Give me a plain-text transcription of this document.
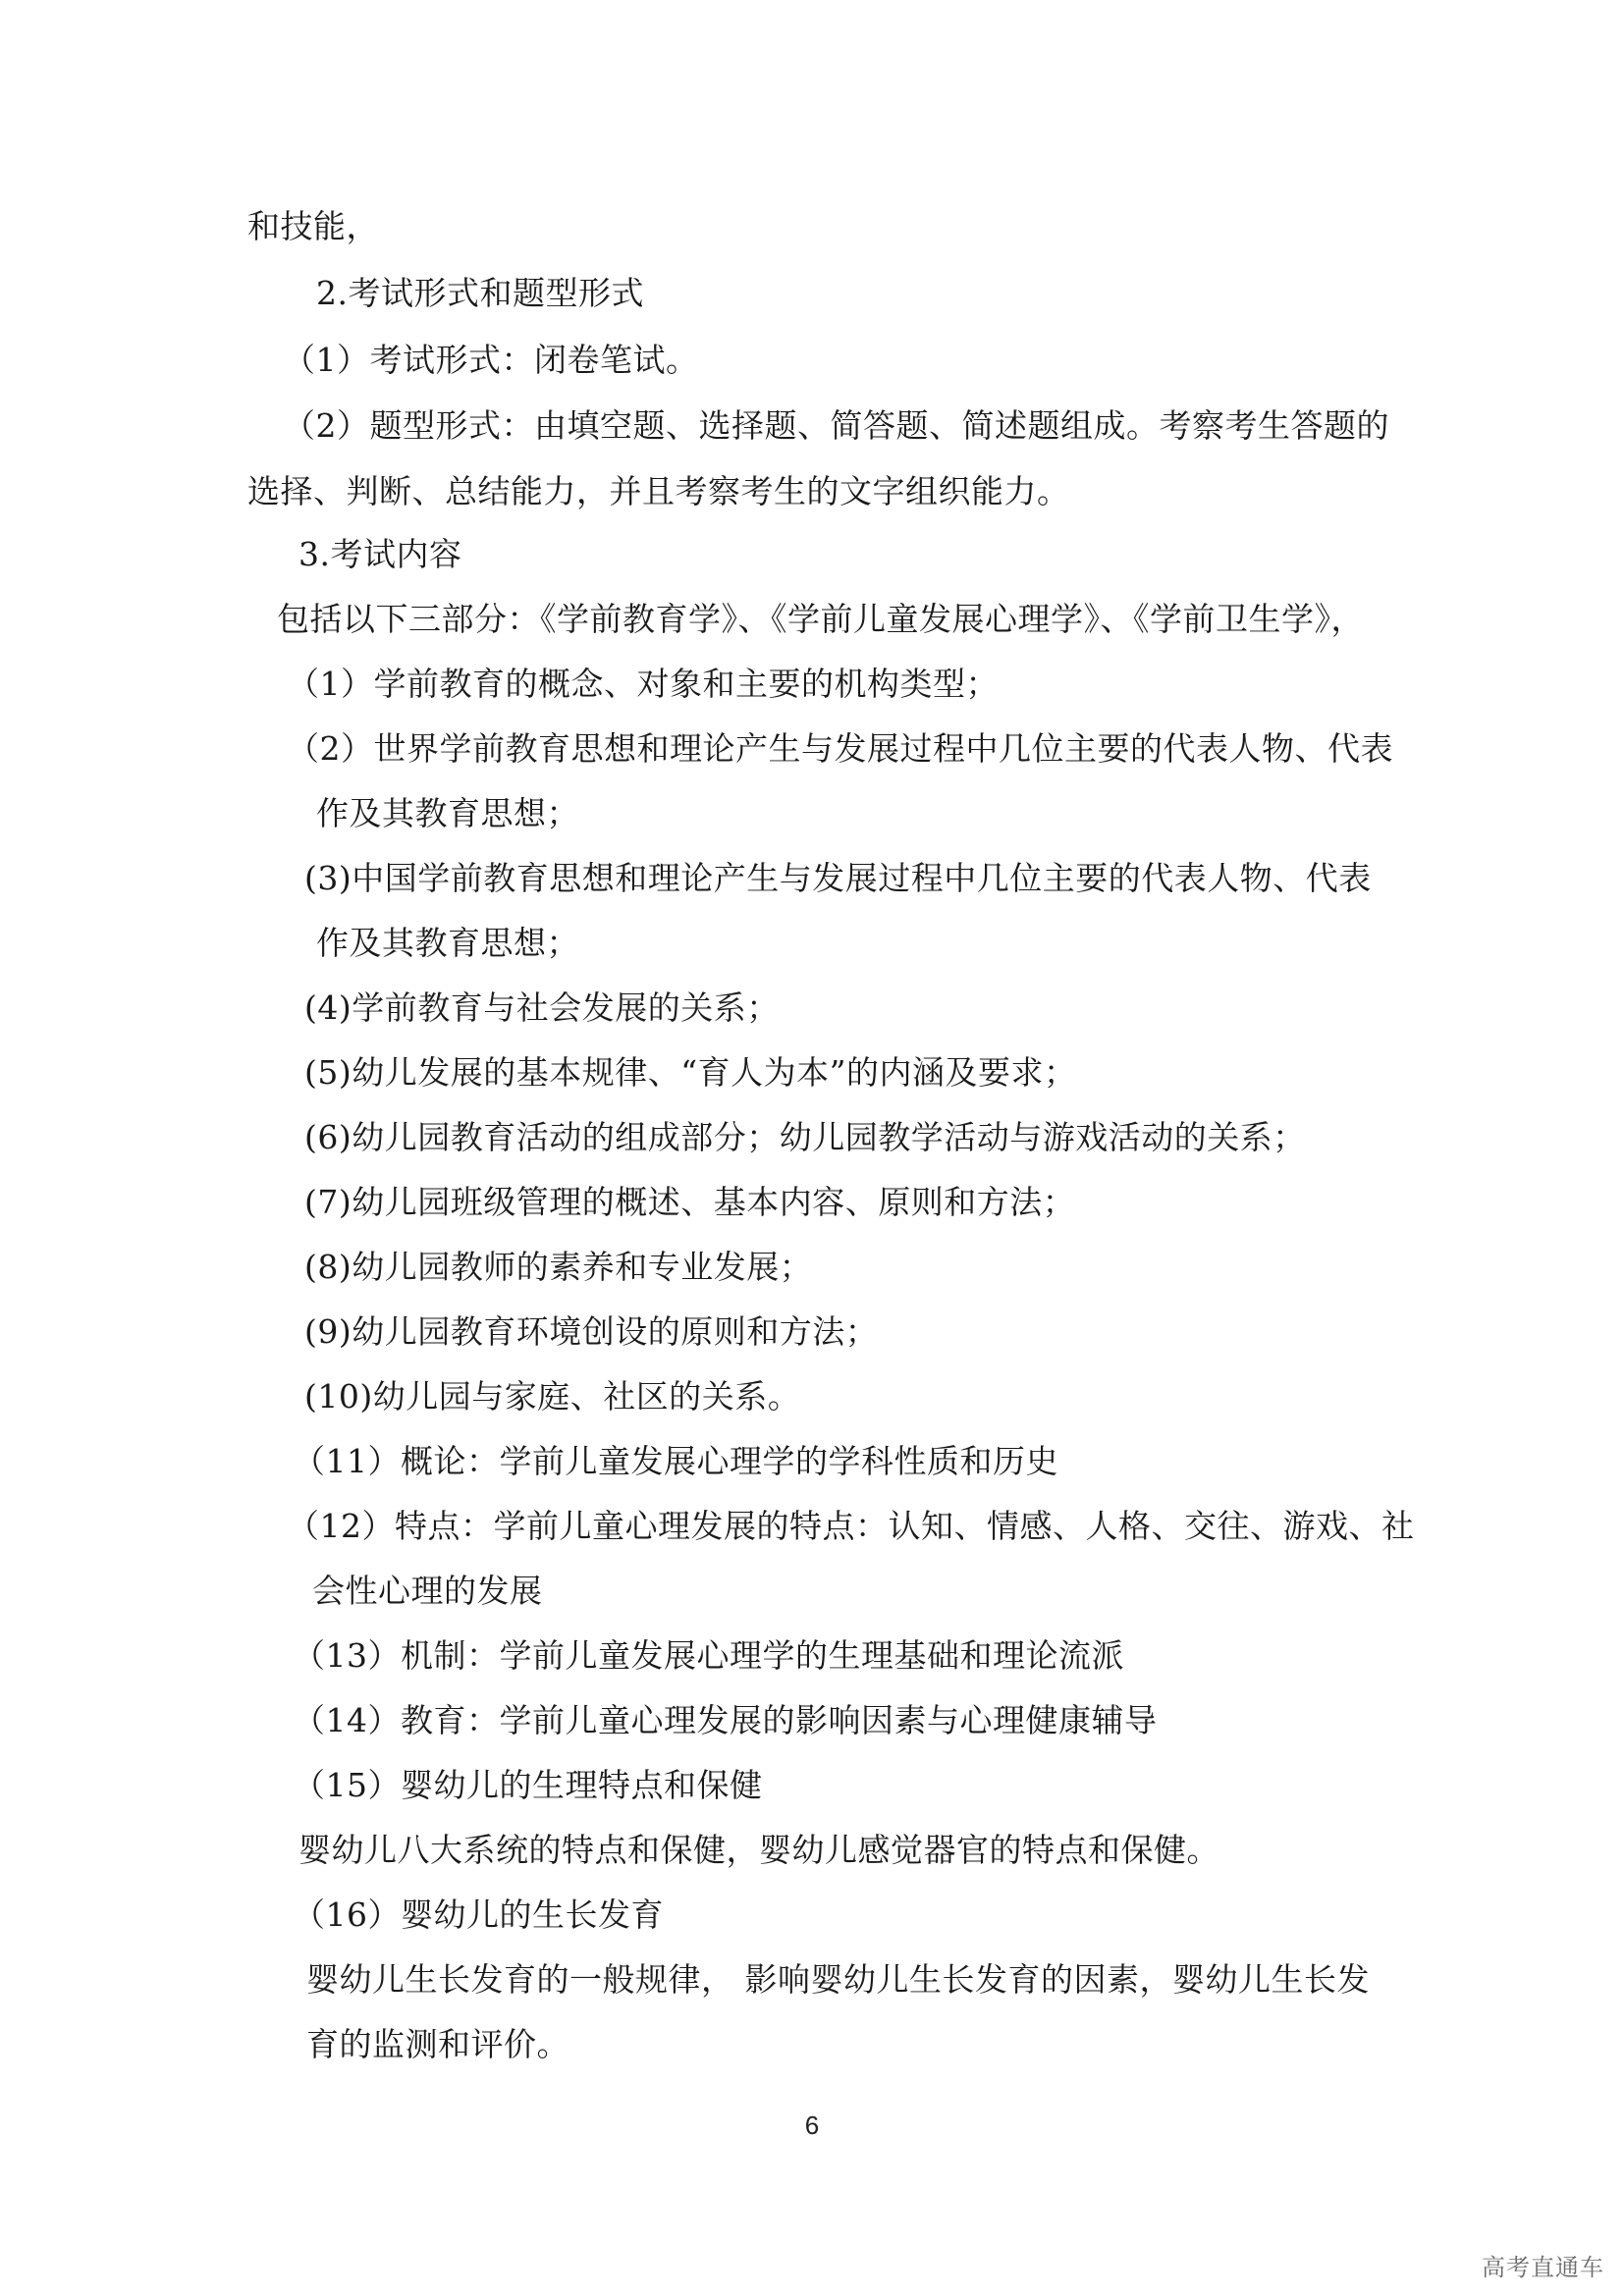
和技能，
2.考试形式和题型形式
（1）考试形式：闭卷笔试。
（2）题型形式：由填空题、选择题、简答题、简述题组成。考察考生答题的
选择、判断、总结能力，并且考察考生的文字组织能力。
3.考试内容
包括以下三部分：《学前教育学》、《学前儿童发展心理学》、《学前卫生学》，
（1）学前教育的概念、对象和主要的机构类型；
（2）世界学前教育思想和理论产生与发展过程中几位主要的代表人物、代表
作及其教育思想；
(3)中国学前教育思想和理论产生与发展过程中几位主要的代表人物、代表
作及其教育思想；
(4)学前教育与社会发展的关系；
(5)幼儿发展的基本规律、“育人为本”的内涵及要求；
(6)幼儿园教育活动的组成部分；幼儿园教学活动与游戏活动的关系；
(7)幼儿园班级管理的概述、基本内容、原则和方法；
(8)幼儿园教师的素养和专业发展；
(9)幼儿园教育环境创设的原则和方法；
(10)幼儿园与家庭、社区的关系。
（11）概论：学前儿童发展心理学的学科性质和历史
（12）特点：学前儿童心理发展的特点：认知、情感、人格、交往、游戏、社
会性心理的发展
（13）机制：学前儿童发展心理学的生理基础和理论流派
（14）教育：学前儿童心理发展的影响因素与心理健康辅导
（15）婴幼儿的生理特点和保健
婴幼儿八大系统的特点和保健，婴幼儿感觉器官的特点和保健。
（16）婴幼儿的生长发育
婴幼儿生长发育的一般规律， 影响婴幼儿生长发育的因素，婴幼儿生长发
育的监测和评价。
6
高考直通车
